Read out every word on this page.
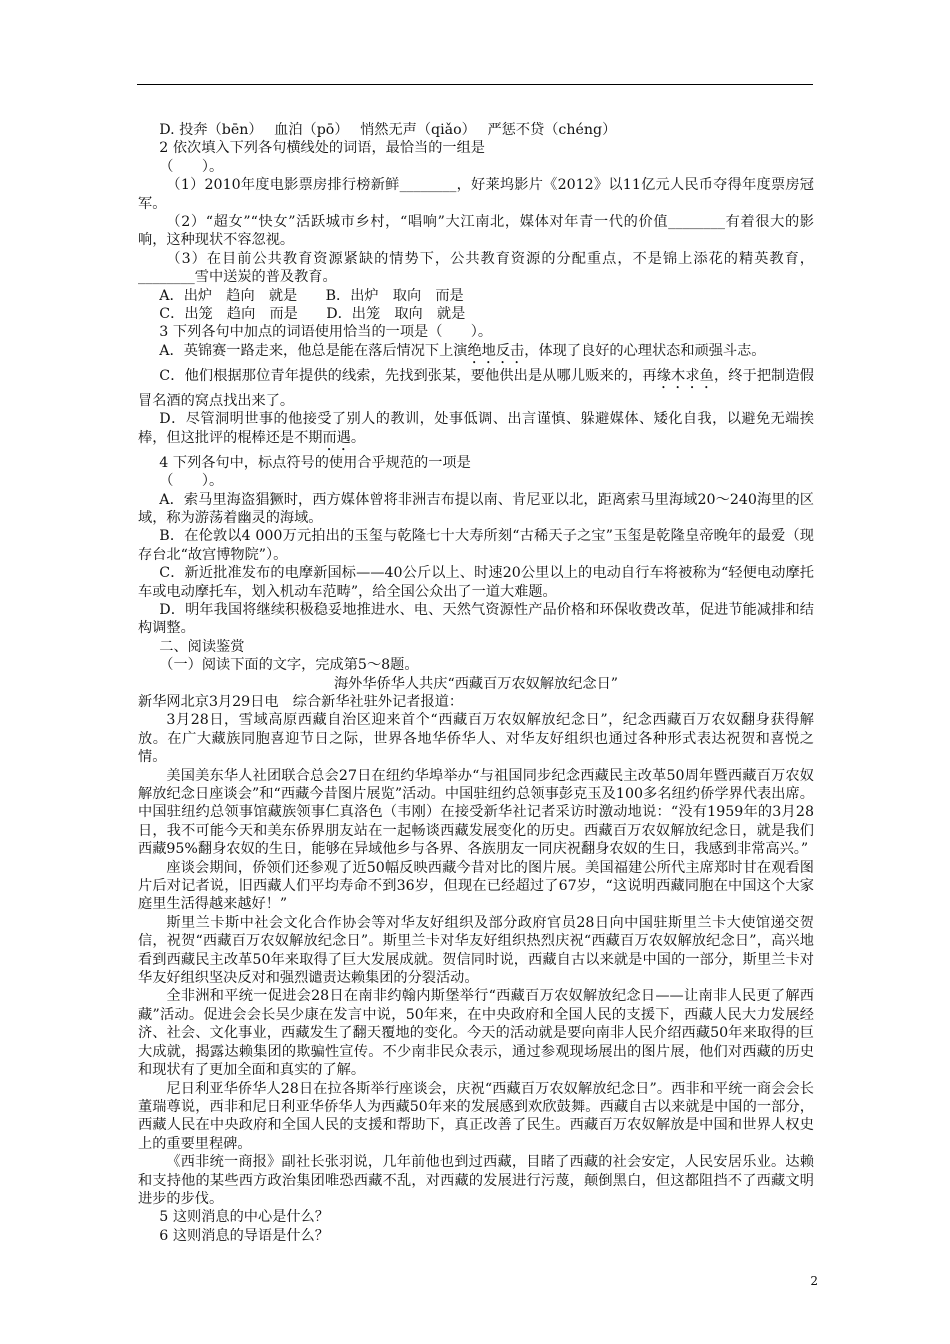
D. 投奔（bēn）　 血泊（pō）　 悄然无声（qiǎo）　 严惩不贷（chéng）

2 依次填入下列各句横线处的词语，最恰当的一组是

（　　）。

（1）2010年度电影票房排行榜新鲜________，好莱坞影片《2012》以11亿元人民币夺得年度票房冠军。

（2）“超女”“快女”活跃城市乡村，“唱响”大江南北，媒体对年青一代的价值________有着很大的影响，这种现状不容忽视。

（3）在目前公共教育资源紧缺的情势下，公共教育资源的分配重点，不是锦上添花的精英教育，________雪中送炭的普及教育。

A．出炉　趋向　就是　　B．出炉　取向　而是

C．出笼　趋向　而是　　D．出笼　取向　就是

3 下列各句中加点的词语使用恰当的一项是（　　）。

A．英锦赛一路走来，他总是能在落后情况下上演绝地反击，体现了良好的心理状态和顽强斗志。

C．他们根据那位青年提供的线索，先找到张某，要他供出是从哪儿贩来的，再缘木求鱼，终于把制造假冒名酒的窝点找出来了。

D．尽管洞明世事的他接受了别人的教训，处事低调、出言谨慎、躲避媒体、矮化自我，以避免无端挨棒，但这批评的棍棒还是不期而遇。

4 下列各句中，标点符号的使用合乎规范的一项是

（　　）。

A．索马里海盗猖獗时，西方媒体曾将非洲吉布提以南、肯尼亚以北，距离索马里海域20～240海里的区域，称为游荡着幽灵的海域。

B．在伦敦以4 000万元拍出的玉玺与乾隆七十大寿所刻“古稀天子之宝”玉玺是乾隆皇帝晚年的最爱（现存台北“故宫博物院”）。

C．新近批准发布的电摩新国标——40公斤以上、时速20公里以上的电动自行车将被称为“轻便电动摩托车或电动摩托车，划入机动车范畴”，给全国公众出了一道大难题。

D．明年我国将继续积极稳妥地推进水、电、天然气资源性产品价格和环保收费改革，促进节能减排和结构调整。

二、阅读鉴赏

（一）阅读下面的文字，完成第5～8题。

海外华侨华人共庆“西藏百万农奴解放纪念日”

新华网北京3月29日电　综合新华社驻外记者报道：

3月28日，雪域高原西藏自治区迎来首个“西藏百万农奴解放纪念日”，纪念西藏百万农奴翻身获得解放。在广大藏族同胞喜迎节日之际，世界各地华侨华人、对华友好组织也通过各种形式表达祝贺和喜悦之情。

美国美东华人社团联合总会27日在纽约华埠举办“与祖国同步纪念西藏民主改革50周年暨西藏百万农奴解放纪念日座谈会”和“西藏今昔图片展览”活动。中国驻纽约总领事彭克玉及100多名纽约侨学界代表出席。中国驻纽约总领事馆藏族领事仁真洛色（韦刚）在接受新华社记者采访时激动地说：“没有1959年的3月28日，我不可能今天和美东侨界朋友站在一起畅谈西藏发展变化的历史。西藏百万农奴解放纪念日，就是我们西藏95%翻身农奴的生日，能够在异域他乡与各界、各族朋友一同庆祝翻身农奴的生日，我感到非常高兴。”

座谈会期间，侨领们还参观了近50幅反映西藏今昔对比的图片展。美国福建公所代主席郑时甘在观看图片后对记者说，旧西藏人们平均寿命不到36岁，但现在已经超过了67岁，“这说明西藏同胞在中国这个大家庭里生活得越来越好！”

斯里兰卡斯中社会文化合作协会等对华友好组织及部分政府官员28日向中国驻斯里兰卡大使馆递交贺信，祝贺“西藏百万农奴解放纪念日”。斯里兰卡对华友好组织热烈庆祝“西藏百万农奴解放纪念日”，高兴地看到西藏民主改革50年来取得了巨大发展成就。贺信同时说，西藏自古以来就是中国的一部分，斯里兰卡对华友好组织坚决反对和强烈谴责达赖集团的分裂活动。

全非洲和平统一促进会28日在南非约翰内斯堡举行“西藏百万农奴解放纪念日——让南非人民更了解西藏”活动。促进会会长吴少康在发言中说，50年来，在中央政府和全国人民的支援下，西藏人民大力发展经济、社会、文化事业，西藏发生了翻天覆地的变化。今天的活动就是要向南非人民介绍西藏50年来取得的巨大成就，揭露达赖集团的欺骗性宣传。不少南非民众表示，通过参观现场展出的图片展，他们对西藏的历史和现状有了更加全面和真实的了解。

尼日利亚华侨华人28日在拉各斯举行座谈会，庆祝“西藏百万农奴解放纪念日”。西非和平统一商会会长董瑞尊说，西非和尼日利亚华侨华人为西藏50年来的发展感到欢欣鼓舞。西藏自古以来就是中国的一部分，西藏人民在中央政府和全国人民的支援和帮助下，真正改善了民生。西藏百万农奴解放是中国和世界人权史上的重要里程碑。

《西非统一商报》副社长张羽说，几年前他也到过西藏，目睹了西藏的社会安定，人民安居乐业。达赖和支持他的某些西方政治集团唯恐西藏不乱，对西藏的发展进行污蔑，颠倒黑白，但这都阻挡不了西藏文明进步的步伐。

5 这则消息的中心是什么？

6 这则消息的导语是什么？

2
